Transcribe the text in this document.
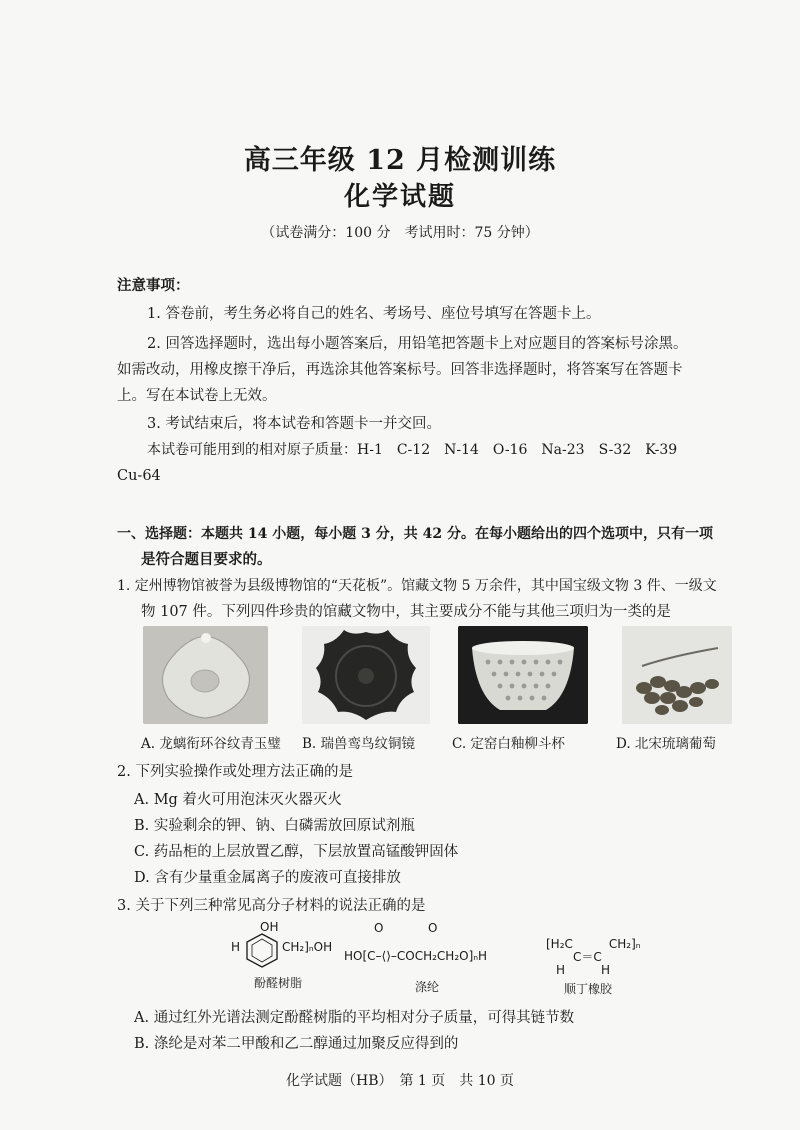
高三年级 12 月检测训练
化学试题
（试卷满分：100 分　考试用时：75 分钟）
注意事项：
1. 答卷前，考生务必将自己的姓名、考场号、座位号填写在答题卡上。
2. 回答选择题时，选出每小题答案后，用铅笔把答题卡上对应题目的答案标号涂黑。
如需改动，用橡皮擦干净后，再选涂其他答案标号。回答非选择题时，将答案写在答题卡
上。写在本试卷上无效。
3. 考试结束后，将本试卷和答题卡一并交回。
本试卷可能用到的相对原子质量：H-1　C-12　N-14　O-16　Na-23　S-32　K-39
Cu-64
一、选择题：本题共 14 小题，每小题 3 分，共 42 分。在每小题给出的四个选项中，只有一项
是符合题目要求的。
1. 定州博物馆被誉为县级博物馆的“天花板”。馆藏文物 5 万余件，其中国宝级文物 3 件、一级文
物 107 件。下列四件珍贵的馆藏文物中，其主要成分不能与其他三项归为一类的是
A. 龙螭衔环谷纹青玉璧 B. 瑞兽鸾鸟纹铜镜	C. 定窑白釉柳斗杯	D. 北宋琉璃葡萄
2. 下列实验操作或处理方法正确的是
A. Mg 着火可用泡沫灭火器灭火
B. 实验剩余的钾、钠、白磷需放回原试剂瓶
C. 药品柜的上层放置乙醇，下层放置高锰酸钾固体
D. 含有少量重金属离子的废液可直接排放
3. 关于下列三种常见高分子材料的说法正确的是
H
OH
CH₂]ₙOH
酚醛树脂
O	O
HO[C–⟨⟩–COCH₂CH₂O]ₙH
涤纶
[H₂C　　　CH₂]ₙ
C＝C
H　　　H
顺丁橡胶
A. 通过红外光谱法测定酚醛树脂的平均相对分子质量，可得其链节数
B. 涤纶是对苯二甲酸和乙二醇通过加聚反应得到的
化学试题（HB）　第 1 页　共 10 页
